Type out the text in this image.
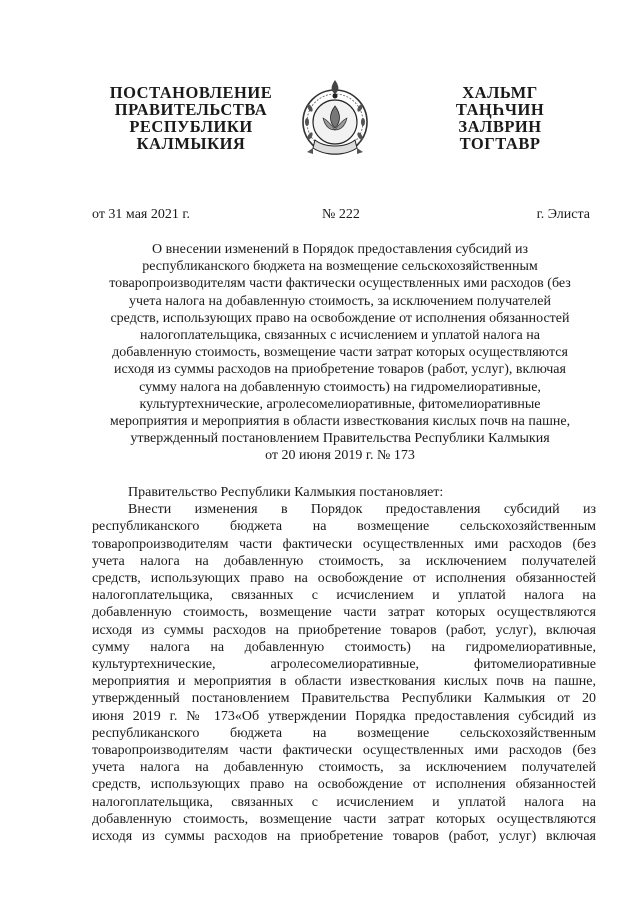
ПОСТАНОВЛЕНИЕ
ПРАВИТЕЛЬСТВА
РЕСПУБЛИКИ
КАЛМЫКИЯ
ХАЛЬМГ
ТАҢҺЧИН
ЗАЛВРИН
ТОГТАВР
от 31 мая 2021 г.	№ 222	г. Элиста
О внесении изменений в Порядок предоставления субсидий из
республиканского бюджета на возмещение сельскохозяйственным
товаропроизводителям части фактически осуществленных ими расходов (без
учета налога на добавленную стоимость, за исключением получателей
средств, использующих право на освобождение от исполнения обязанностей
налогоплательщика, связанных с исчислением и уплатой налога на
добавленную стоимость, возмещение части затрат которых осуществляются
исходя из суммы расходов на приобретение товаров (работ, услуг), включая
сумму налога на добавленную стоимость) на гидромелиоративные,
культуртехнические, агролесомелиоративные, фитомелиоративные
мероприятия и мероприятия в области известкования кислых почв на пашне,
утвержденный постановлением Правительства Республики Калмыкия
от 20 июня 2019 г. № 173
Правительство Республики Калмыкия постановляет:
Внести изменения в Порядок предоставления субсидий из
республиканского бюджета на возмещение сельскохозяйственным
товаропроизводителям части фактически осуществленных ими расходов (без
учета налога на добавленную стоимость, за исключением получателей
средств, использующих право на освобождение от исполнения обязанностей
налогоплательщика, связанных с исчислением и уплатой налога на
добавленную стоимость, возмещение части затрат которых осуществляются
исходя из суммы расходов на приобретение товаров (работ, услуг), включая
сумму налога на добавленную стоимость) на гидромелиоративные,
культуртехнические, агролесомелиоративные, фитомелиоративные
мероприятия и мероприятия в области известкования кислых почв на пашне,
утвержденный постановлением Правительства Республики Калмыкия от 20
июня 2019 г. № 173«Об утверждении Порядка предоставления субсидий из
республиканского бюджета на возмещение сельскохозяйственным
товаропроизводителям части фактически осуществленных ими расходов (без
учета налога на добавленную стоимость, за исключением получателей
средств, использующих право на освобождение от исполнения обязанностей
налогоплательщика, связанных с исчислением и уплатой налога на
добавленную стоимость, возмещение части затрат которых осуществляются
исходя из суммы расходов на приобретение товаров (работ, услуг) включая
